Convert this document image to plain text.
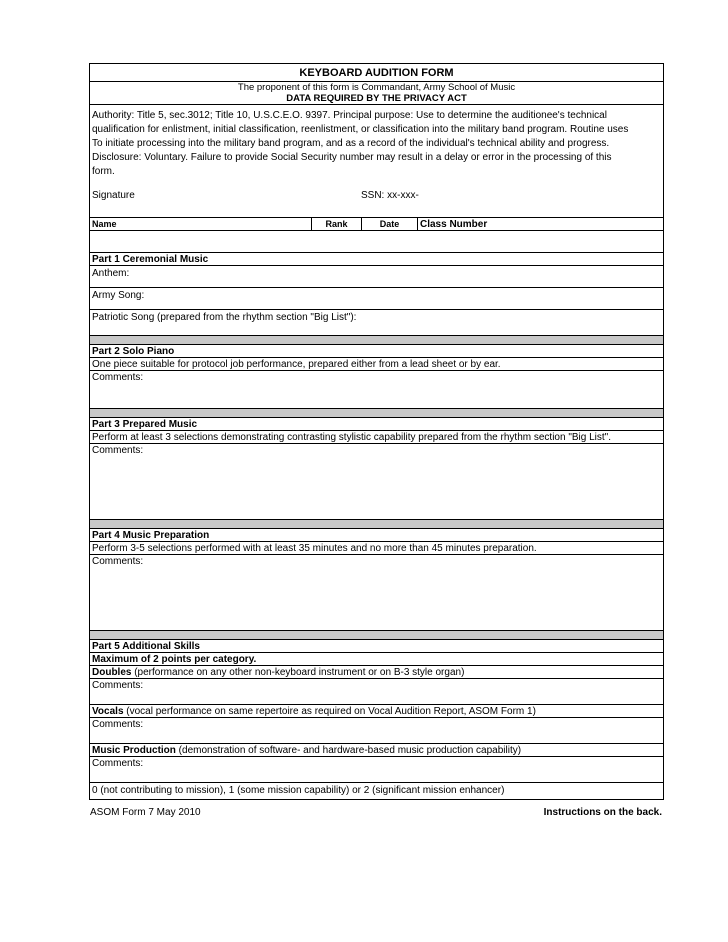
KEYBOARD AUDITION FORM
The proponent of this form is Commandant, Army School of Music
DATA REQUIRED BY THE PRIVACY ACT
Authority: Title 5, sec.3012; Title 10, U.S.C.E.O. 9397. Principal purpose: Use to determine the auditionee's technical
qualification for enlistment, initial classification, reenlistment, or classification into the military band program. Routine uses
To initiate processing into the military band program, and as a record of the individual's technical ability and progress.
Disclosure: Voluntary. Failure to provide Social Security number may result in a delay or error in the processing of this
form.
Signature	SSN: xx-xxx-
Name	Rank	Date	Class Number
Part 1 Ceremonial Music
Anthem:
Army Song:
Patriotic Song (prepared from the rhythm section "Big List"):
Part 2 Solo Piano
One piece suitable for protocol job performance, prepared either from a lead sheet or by ear.
Comments:
Part 3 Prepared Music
Perform at least 3 selections demonstrating contrasting stylistic capability prepared from the rhythm section "Big List".
Comments:
Part 4 Music Preparation
Perform 3-5 selections performed with at least 35 minutes and no more than 45 minutes preparation.
Comments:
Part 5 Additional Skills
Maximum of 2 points per category.
Doubles (performance on any other non-keyboard instrument or on B-3 style organ)
Comments:
Vocals (vocal performance on same repertoire as required on Vocal Audition Report, ASOM Form 1)
Comments:
Music Production (demonstration of software- and hardware-based music production capability)
Comments:
0 (not contributing to mission), 1 (some mission capability) or 2 (significant mission enhancer)
ASOM Form 7 May 2010	Instructions on the back.
